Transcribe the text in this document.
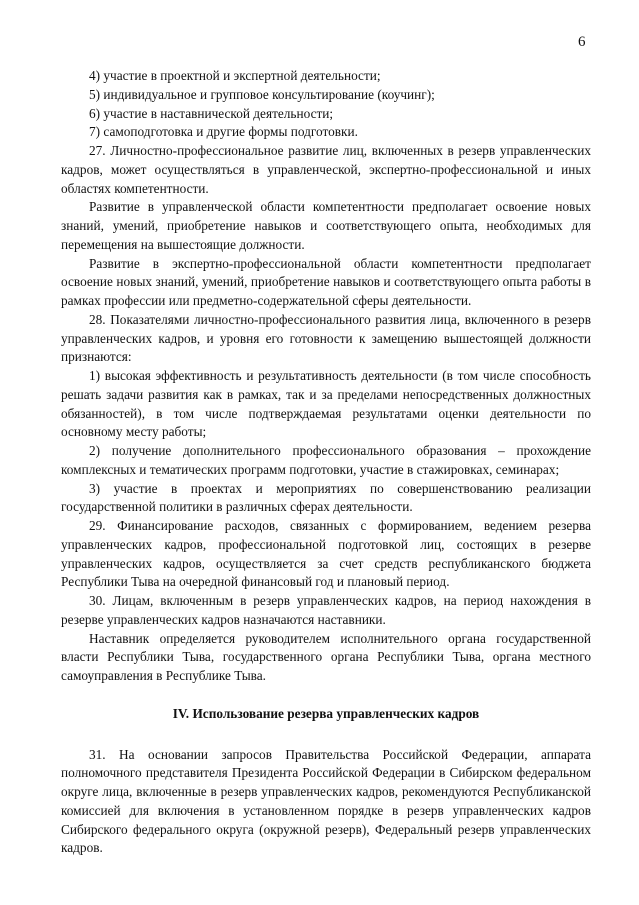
6

4) участие в проектной и экспертной деятельности;

5) индивидуальное и групповое консультирование (коучинг);

6) участие в наставнической деятельности;

7) самоподготовка и другие формы подготовки.

27. Личностно-профессиональное развитие лиц, включенных в резерв управленческих кадров, может осуществляться в управленческой, экспертно-профессиональной и иных областях компетентности.

Развитие в управленческой области компетентности предполагает освоение новых знаний, умений, приобретение навыков и соответствующего опыта, необходимых для перемещения на вышестоящие должности.

Развитие в экспертно-профессиональной области компетентности предполагает освоение новых знаний, умений, приобретение навыков и соответствующего опыта работы в рамках профессии или предметно-содержательной сферы деятельности.

28. Показателями личностно-профессионального развития лица, включенного в резерв управленческих кадров, и уровня его готовности к замещению вышестоящей должности признаются:

1) высокая эффективность и результативность деятельности (в том числе способность решать задачи развития как в рамках, так и за пределами непосредственных должностных обязанностей), в том числе подтверждаемая результатами оценки деятельности по основному месту работы;

2) получение дополнительного профессионального образования – прохождение комплексных и тематических программ подготовки, участие в стажировках, семинарах;

3) участие в проектах и мероприятиях по совершенствованию реализации государственной политики в различных сферах деятельности.

29. Финансирование расходов, связанных с формированием, ведением резерва управленческих кадров, профессиональной подготовкой лиц, состоящих в резерве управленческих кадров, осуществляется за счет средств республиканского бюджета Республики Тыва на очередной финансовый год и плановый период.

30. Лицам, включенным в резерв управленческих кадров, на период нахождения в резерве управленческих кадров назначаются наставники.

Наставник определяется руководителем исполнительного органа государственной власти Республики Тыва, государственного органа Республики Тыва, органа местного самоуправления в Республике Тыва.

IV. Использование резерва управленческих кадров

31. На основании запросов Правительства Российской Федерации, аппарата полномочного представителя Президента Российской Федерации в Сибирском федеральном округе лица, включенные в резерв управленческих кадров, рекомендуются Республиканской комиссией для включения в установленном порядке в резерв управленческих кадров Сибирского федерального округа (окружной резерв), Федеральный резерв управленческих кадров.
